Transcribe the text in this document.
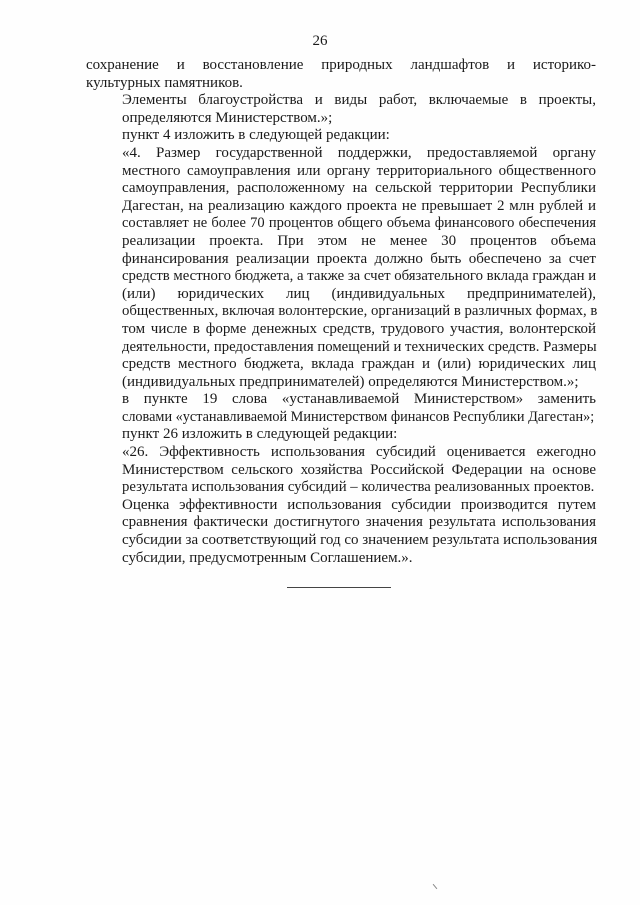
26
сохранение и восстановление природных ландшафтов и историко-
культурных памятников.
Элементы благоустройства и виды работ, включаемые в проекты,
определяются Министерством.»;
пункт 4 изложить в следующей редакции:
«4. Размер государственной поддержки, предоставляемой органу
местного самоуправления или органу территориального общественного
самоуправления, расположенному на сельской территории Республики
Дагестан, на реализацию каждого проекта не превышает 2 млн рублей и
составляет не более 70 процентов общего объема финансового обеспечения
реализации проекта. При этом не менее 30 процентов объема
финансирования реализации проекта должно быть обеспечено за счет
средств местного бюджета, а также за счет обязательного вклада граждан и
(или) юридических лиц (индивидуальных предпринимателей),
общественных, включая волонтерские, организаций в различных формах, в
том числе в форме денежных средств, трудового участия, волонтерской
деятельности, предоставления помещений и технических средств. Размеры
средств местного бюджета, вклада граждан и (или) юридических лиц
(индивидуальных предпринимателей) определяются Министерством.»;
в пункте 19 слова «устанавливаемой Министерством» заменить
словами «устанавливаемой Министерством финансов Республики Дагестан»;
пункт 26 изложить в следующей редакции:
«26. Эффективность использования субсидий оценивается ежегодно
Министерством сельского хозяйства Российской Федерации на основе
результата использования субсидий – количества реализованных проектов.
Оценка эффективности использования субсидии производится путем
сравнения фактически достигнутого значения результата использования
субсидии за соответствующий год со значением результата использования
субсидии, предусмотренным Соглашением.».
